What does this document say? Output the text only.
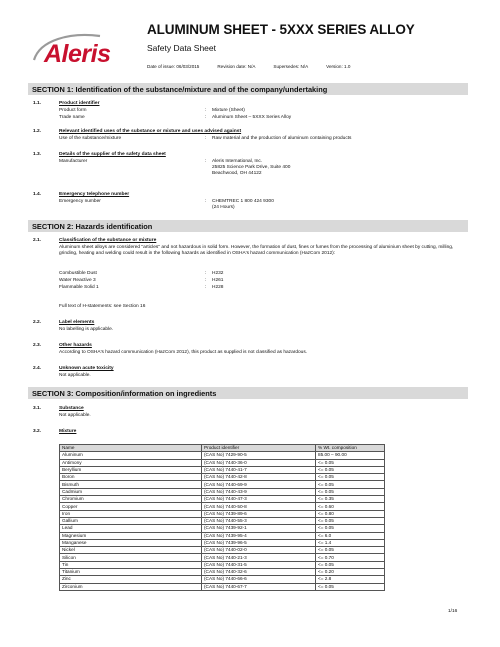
Aleris
ALUMINUM SHEET - 5XXX SERIES ALLOY
Safety Data Sheet
Date of issue: 06/03/2015	Revision date: N/A	Supersedes: N/A	Version: 1.0
SECTION 1: Identification of the substance/mixture and of the company/undertaking
1.1.	Product identifier
Product form	: Mixture (Sheet)
Trade name	: Aluminum Sheet – 5XXX Series Alloy
1.2.	Relevant identified uses of the substance or mixture and uses advised against
Use of the substance/mixture	: Raw material and the production of aluminum containing products
1.3.	Details of the supplier of the safety data sheet
Manufacturer	: Aleris International, Inc.
25825 Science Park Drive, Suite 400
Beachwood, OH 44122
1.4.	Emergency telephone number
Emergency number	: CHEMTREC 1 800 424 9300
(24 Hours)
SECTION 2: Hazards identification
2.1.	Classification of the substance or mixture
Aluminum sheet alloys are considered "articles" and not hazardous in solid form. However, the formation of dust, fines or fumes from the processing of aluminium sheet by cutting, milling, grinding, heating and welding could result in the following hazards as identified in OSHA's hazard communication (HazCom 2012):
Combustible Dust	: H232
Water Reactive 3	: H261
Flammable Solid 1	: H228
Full text of H-statements: see Section 16
2.2.	Label elements
No labelling is applicable.
2.3.	Other hazards
According to OSHA's hazard communication (HazCom 2012), this product as supplied is not classified as hazardous.
2.4.	Unknown acute toxicity
Not applicable.
SECTION 3: Composition/information on ingredients
3.1.	Substance
Not applicable.
3.2.	Mixture
Name	Product identifier	% Wt. composition
Aluminum	(CAS No) 7429-90-5	85.00 – 90.00
Antimony	(CAS No) 7440-36-0	<= 0.05
Beryllium	(CAS No) 7440-41-7	<= 0.05
Boron	(CAS No) 7440-42-8	<= 0.05
Bismuth	(CAS No) 7440-69-9	<= 0.05
Cadmium	(CAS No) 7440-43-9	<= 0.05
Chromium	(CAS No) 7440-47-3	<= 0.35
Copper	(CAS No) 7440-50-8	<= 0.60
Iron	(CAS No) 7439-89-6	<= 0.80
Gallium	(CAS No) 7440-55-3	<= 0.05
Lead	(CAS No) 7439-92-1	<= 0.05
Magnesium	(CAS No) 7439-95-4	<= 6.0
Manganese	(CAS No) 7439-96-5	<= 1.4
Nickel	(CAS No) 7440-02-0	<= 0.05
Silicon	(CAS No) 7440-21-3	<= 0.70
Tin	(CAS No) 7440-31-5	<= 0.05
Titanium	(CAS No) 7440-32-6	<= 0.20
Zinc	(CAS No) 7440-66-6	<= 2.8
Zirconium	(CAS No) 7440-67-7	<= 0.05
1/16
